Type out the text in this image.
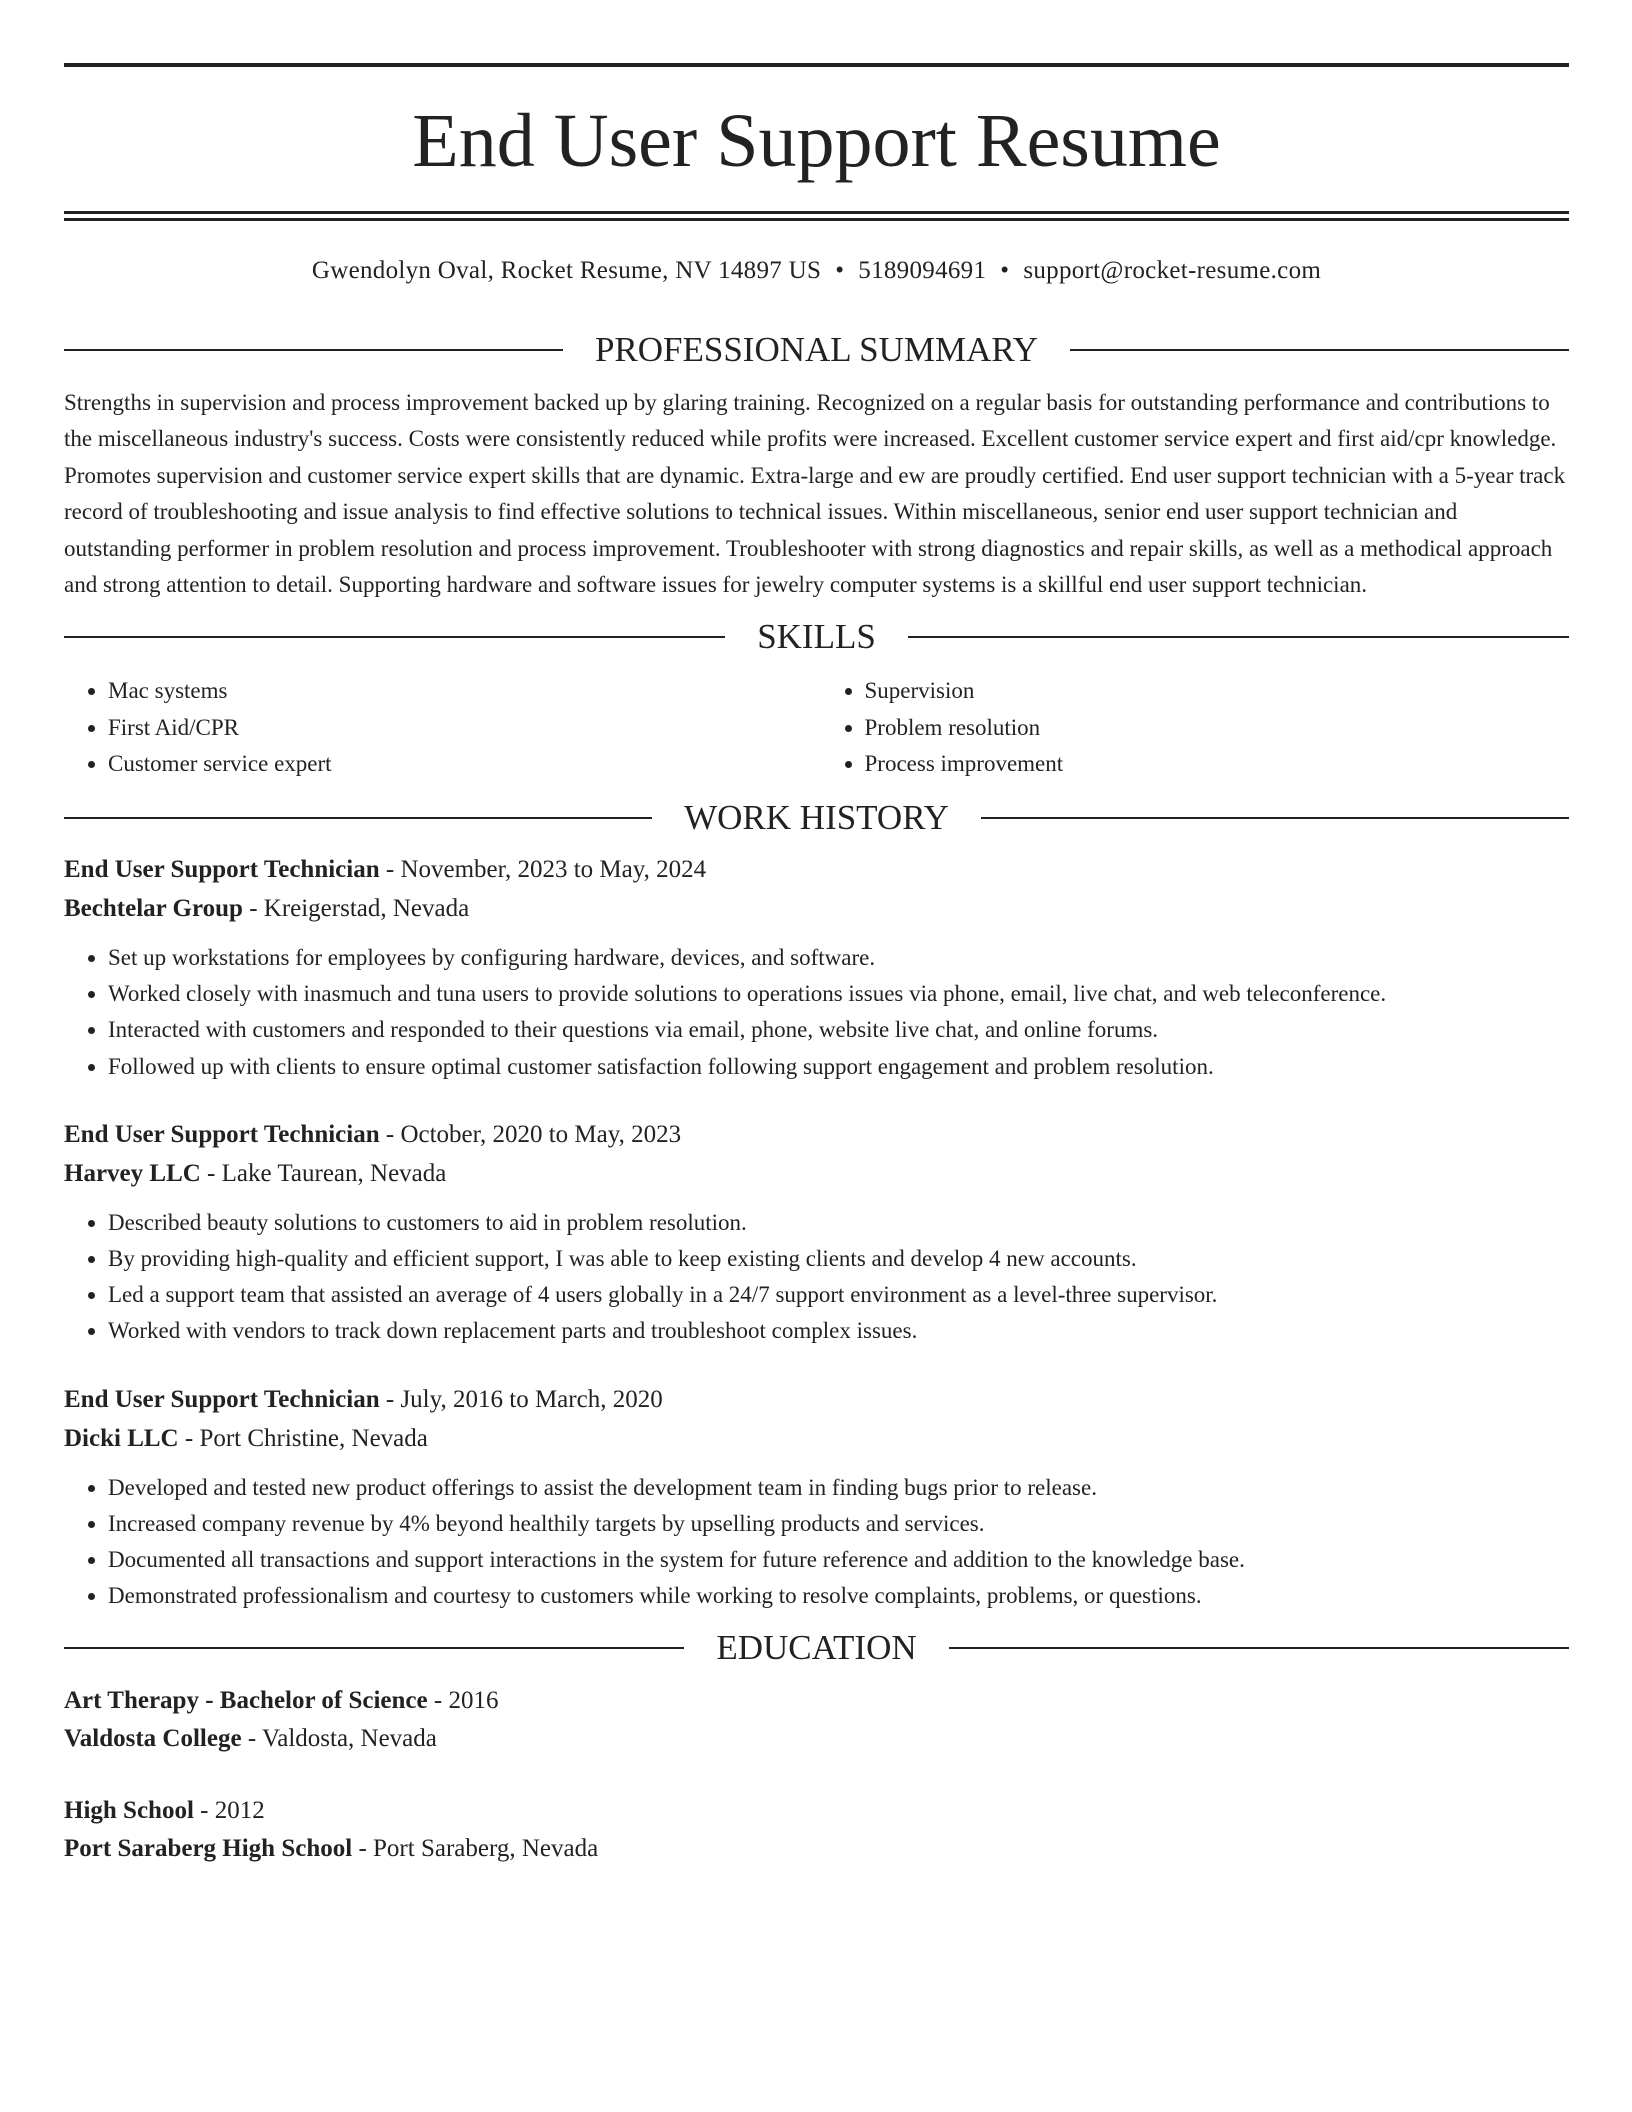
End User Support Resume
Gwendolyn Oval, Rocket Resume, NV 14897 US • 5189094691 • support@rocket-resume.com
PROFESSIONAL SUMMARY

Strengths in supervision and process improvement backed up by glaring training. Recognized on a regular basis for outstanding performance and contributions to the miscellaneous industry's success. Costs were consistently reduced while profits were increased. Excellent customer service expert and first aid/cpr knowledge. Promotes supervision and customer service expert skills that are dynamic. Extra-large and ew are proudly certified. End user support technician with a 5-year track record of troubleshooting and issue analysis to find effective solutions to technical issues. Within miscellaneous, senior end user support technician and outstanding performer in problem resolution and process improvement. Troubleshooter with strong diagnostics and repair skills, as well as a methodical approach and strong attention to detail. Supporting hardware and software issues for jewelry computer systems is a skillful end user support technician.

SKILLS
• Mac systems
• First Aid/CPR
• Customer service expert
• Supervision
• Problem resolution
• Process improvement
WORK HISTORY
End User Support Technician - November, 2023 to May, 2024
Bechtelar Group - Kreigerstad, Nevada
• Set up workstations for employees by configuring hardware, devices, and software.
• Worked closely with inasmuch and tuna users to provide solutions to operations issues via phone, email, live chat, and web teleconference.
• Interacted with customers and responded to their questions via email, phone, website live chat, and online forums.
• Followed up with clients to ensure optimal customer satisfaction following support engagement and problem resolution.
End User Support Technician - October, 2020 to May, 2023
Harvey LLC - Lake Taurean, Nevada
• Described beauty solutions to customers to aid in problem resolution.
• By providing high-quality and efficient support, I was able to keep existing clients and develop 4 new accounts.
• Led a support team that assisted an average of 4 users globally in a 24/7 support environment as a level-three supervisor.
• Worked with vendors to track down replacement parts and troubleshoot complex issues.
End User Support Technician - July, 2016 to March, 2020
Dicki LLC - Port Christine, Nevada
• Developed and tested new product offerings to assist the development team in finding bugs prior to release.
• Increased company revenue by 4% beyond healthily targets by upselling products and services.
• Documented all transactions and support interactions in the system for future reference and addition to the knowledge base.
• Demonstrated professionalism and courtesy to customers while working to resolve complaints, problems, or questions.
EDUCATION
Art Therapy - Bachelor of Science - 2016
Valdosta College - Valdosta, Nevada
High School - 2012
Port Saraberg High School - Port Saraberg, Nevada
